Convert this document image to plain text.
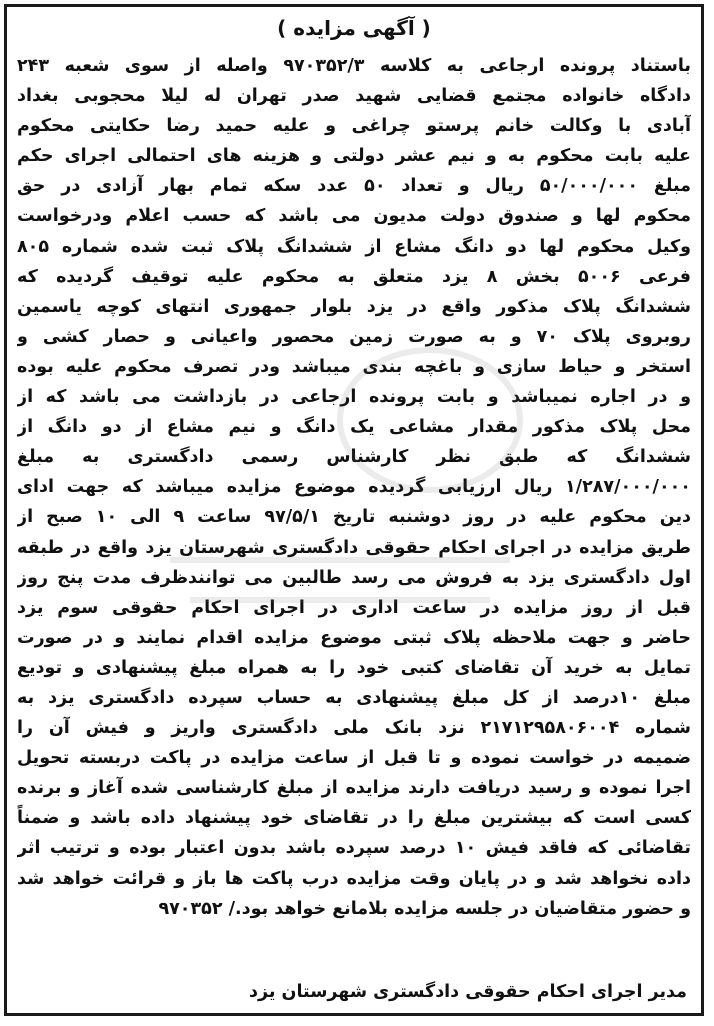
( آگهی مزایده )
باستناد پرونده ارجاعی به کلاسه ۹۷۰۳۵۲/۳ واصله از سوی شعبه ۲۴۳
دادگاه خانواده مجتمع قضایی شهید صدر تهران له لیلا محجوبی بغداد
آبادی با وکالت خانم پرستو چراغی و علیه حمید رضا حکایتی محکوم
علیه بابت محکوم به و نیم عشر دولتی و هزینه های احتمالی اجرای حکم
مبلغ ۵۰/۰۰۰/۰۰۰ ریال و تعداد ۵۰ عدد سکه تمام بهار آزادی در حق
محکوم لها و صندوق دولت مدیون می باشد که حسب اعلام ودرخواست
وکیل محکوم لها دو دانگ مشاع از ششدانگ پلاک ثبت شده شماره ۸۰۵
فرعی ۵۰۰۶ بخش ۸ یزد متعلق به محکوم علیه توقیف گردیده که
ششدانگ پلاک مذکور واقع در یزد بلوار جمهوری انتهای کوچه یاسمین
روبروی پلاک ۷۰ و به صورت زمین محصور واعیانی و حصار کشی و
استخر و حیاط سازی و باغچه بندی میباشد ودر تصرف محکوم علیه بوده
و در اجاره نمیباشد و بابت پرونده ارجاعی در بازداشت می باشد که از
محل پلاک مذکور مقدار مشاعی یک دانگ و نیم مشاع از دو دانگ از
ششدانگ که طبق نظر کارشناس رسمی دادگستری به مبلغ
۱/۲۸۷/۰۰۰/۰۰۰ ریال ارزیابی گردیده موضوع مزایده میباشد که جهت ادای
دین محکوم علیه در روز دوشنبه تاریخ ۹۷/۵/۱ ساعت ۹ الی ۱۰ صبح از
طریق مزایده در اجرای احکام حقوقی دادگستری شهرستان یزد واقع در طبقه
اول دادگستری یزد به فروش می رسد طالبین می توانندظرف مدت پنج روز
قبل از روز مزایده در ساعت اداری در اجرای احکام حقوقی سوم یزد
حاضر و جهت ملاحظه پلاک ثبتی موضوع مزایده اقدام نمایند و در صورت
تمایل به خرید آن تقاضای کتبی خود را به همراه مبلغ پیشنهادی و تودیع
مبلغ ۱۰درصد از کل مبلغ پیشنهادی به حساب سپرده دادگستری یزد به
شماره ۲۱۷۱۲۹۵۸۰۶۰۰۴ نزد بانک ملی دادگستری واریز و فیش آن را
ضمیمه در خواست نموده و تا قبل از ساعت مزایده در پاکت دربسته تحویل
اجرا نموده و رسید دریافت دارند مزایده از مبلغ کارشناسی شده آغاز و برنده
کسی است که بیشترین مبلغ را در تقاضای خود پیشنهاد داده باشد و ضمناً
تقاضائی که فاقد فیش ۱۰ درصد سپرده باشد بدون اعتبار بوده و ترتیب اثر
داده نخواهد شد و در پایان وقت مزایده درب پاکت ها باز و قرائت خواهد شد
و حضور متقاضیان در جلسه مزایده بلامانع خواهد بود./ ۹۷۰۳۵۲
مدیر اجرای احکام حقوقی دادگستری شهرستان یزد
